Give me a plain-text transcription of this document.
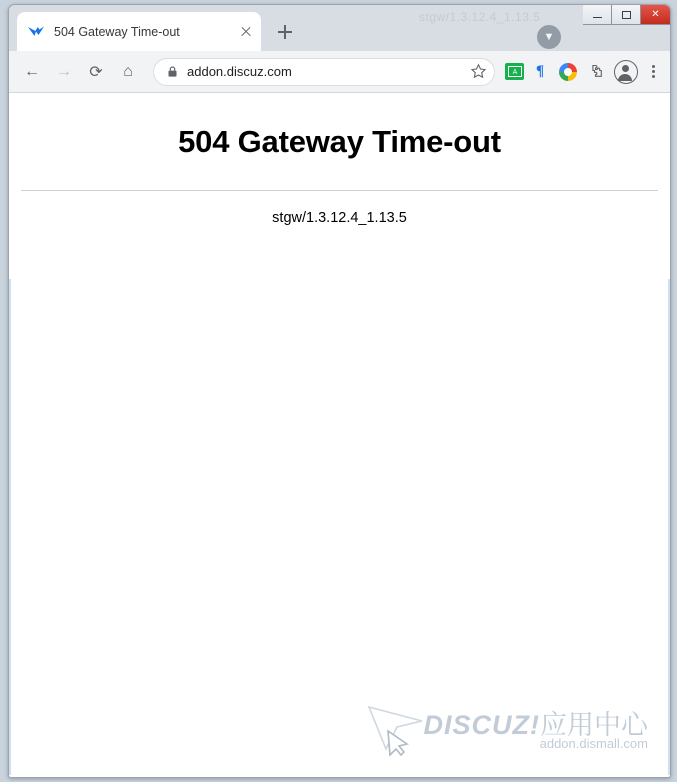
504 Gateway Time-out
stgw/1.3.12.4_1.13.5
▼
✕
←	→	⟳	⌂	addon.discuz.com	A	¶
504 Gateway Time-out
stgw/1.3.12.4_1.13.5
DISCUZ!应用中心
addon.dismall.com
